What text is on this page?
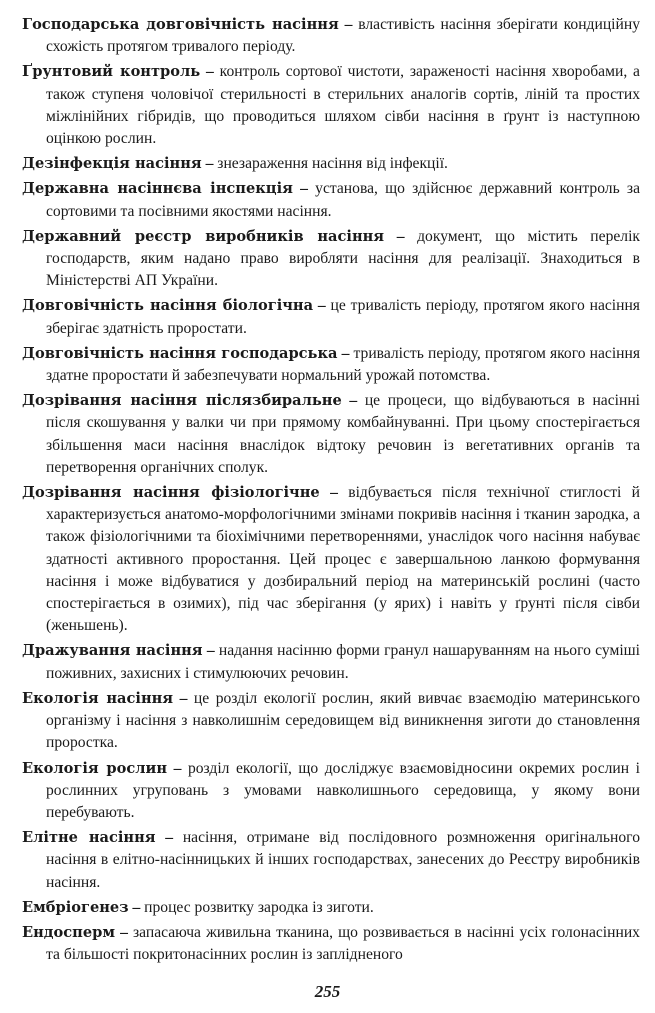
Господарська довговічність насіння – властивість насіння зберігати кондиційну схожість протягом тривалого періоду.

Ґрунтовий контроль – контроль сортової чистоти, зараженості насіння хворобами, а також ступеня чоловічої стерильності в стерильних аналогів сортів, ліній та простих міжлінійних гібридів, що проводиться шляхом сівби насіння в ґрунт із наступною оцінкою рослин.

Дезінфекція насіння – знезараження насіння від інфекції.

Державна насіннєва інспекція – установа, що здійснює державний контроль за сортовими та посівними якостями насіння.

Державний реєстр виробників насіння – документ, що містить перелік господарств, яким надано право виробляти насіння для реалізації. Знаходиться в Міністерстві АП України.

Довговічність насіння біологічна – це тривалість періоду, протягом якого насіння зберігає здатність проростати.

Довговічність насіння господарська – тривалість періоду, протягом якого насіння здатне проростати й забезпечувати нормальний урожай потомства.

Дозрівання насіння післязбиральне – це процеси, що відбуваються в насінні після скошування у валки чи при прямому комбайнуванні. При цьому спостерігається збільшення маси насіння внаслідок відтоку речовин із вегетативних органів та перетворення органічних сполук.

Дозрівання насіння фізіологічне – відбувається після технічної стиглості й характеризується анатомо-морфологічними змінами покривів насіння і тканин зародка, а також фізіологічними та біохімічними перетвореннями, унаслідок чого насіння набуває здатності активного проростання. Цей процес є завершальною ланкою формування насіння і може відбуватися у дозбиральний період на материнській рослині (часто спостерігається в озимих), під час зберігання (у ярих) і навіть у ґрунті після сівби (женьшень).

Дражування насіння – надання насінню форми гранул нашаруванням на нього суміші поживних, захисних і стимулюючих речовин.

Екологія насіння – це розділ екології рослин, який вивчає взаємодію материнського організму і насіння з навколишнім середовищем від виникнення зиготи до становлення проростка.

Екологія рослин – розділ екології, що досліджує взаємовідносини окремих рослин і рослинних угруповань з умовами навколишнього середовища, у якому вони перебувають.

Елітне насіння – насіння, отримане від послідовного розмноження оригінального насіння в елітно-насінницьких й інших господарствах, занесених до Реєстру виробників насіння.

Ембріогенез – процес розвитку зародка із зиготи.

Ендосперм – запасаюча живильна тканина, що розвивається в насінні усіх голонасінних та більшості покритонасінних рослин із заплідненого

255
